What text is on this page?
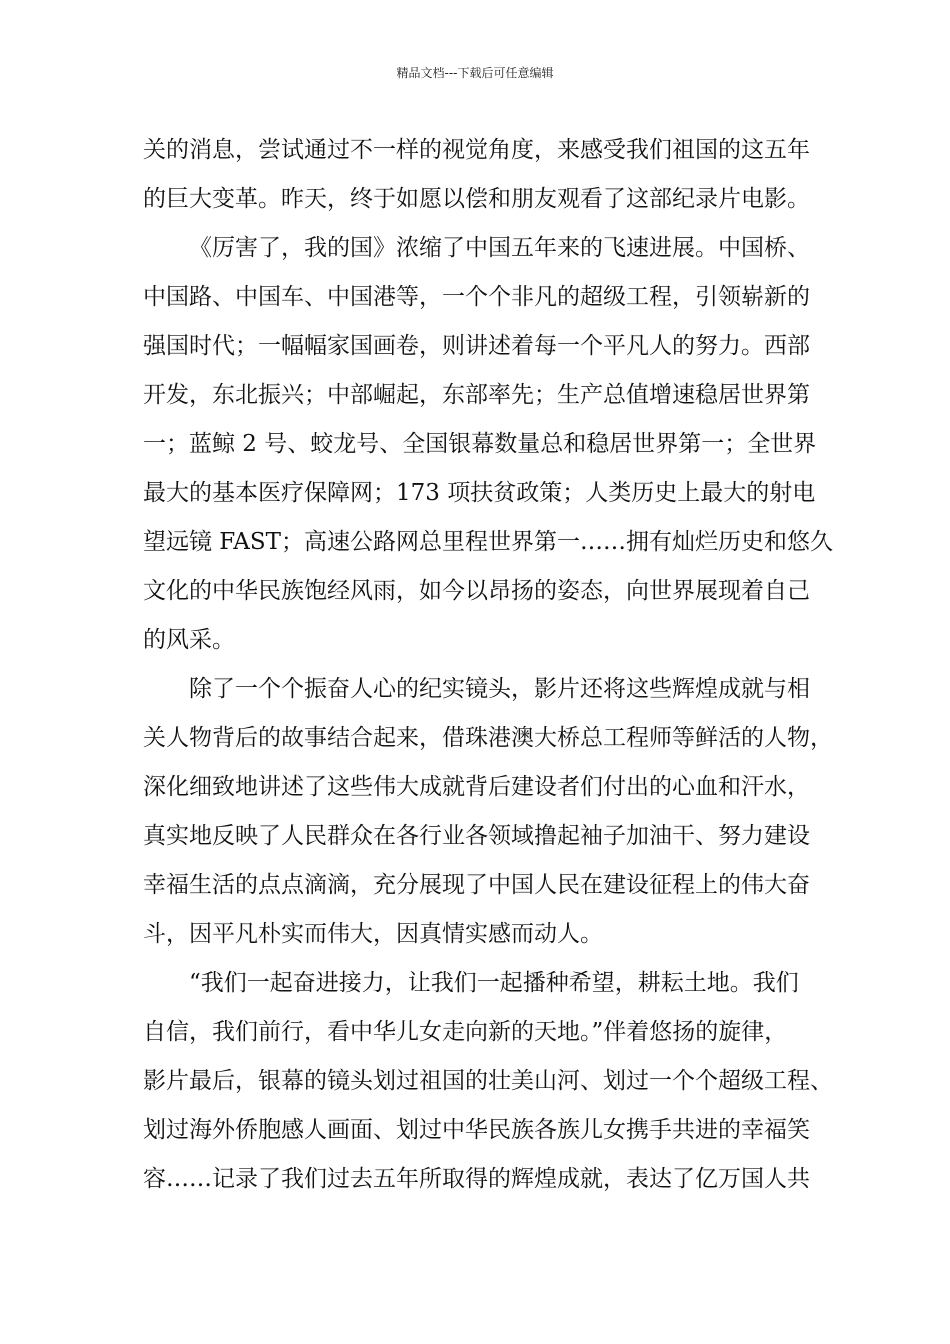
精品文档---下载后可任意编辑
关的消息，尝试通过不一样的视觉角度，来感受我们祖国的这五年
的巨大变革。昨天，终于如愿以偿和朋友观看了这部纪录片电影。
《厉害了，我的国》浓缩了中国五年来的飞速进展。中国桥、
中国路、中国车、中国港等，一个个非凡的超级工程，引领崭新的
强国时代；一幅幅家国画卷，则讲述着每一个平凡人的努力。西部
开发，东北振兴；中部崛起，东部率先；生产总值增速稳居世界第
一；蓝鲸 2 号、蛟龙号、全国银幕数量总和稳居世界第一；全世界
最大的基本医疗保障网；173 项扶贫政策；人类历史上最大的射电
望远镜 FAST；高速公路网总里程世界第一……拥有灿烂历史和悠久
文化的中华民族饱经风雨，如今以昂扬的姿态，向世界展现着自己
的风采。
除了一个个振奋人心的纪实镜头，影片还将这些辉煌成就与相
关人物背后的故事结合起来，借珠港澳大桥总工程师等鲜活的人物，
深化细致地讲述了这些伟大成就背后建设者们付出的心血和汗水，
真实地反映了人民群众在各行业各领域撸起袖子加油干、努力建设
幸福生活的点点滴滴，充分展现了中国人民在建设征程上的伟大奋
斗，因平凡朴实而伟大，因真情实感而动人。
“我们一起奋进接力，让我们一起播种希望，耕耘土地。我们
自信，我们前行，看中华儿女走向新的天地。”伴着悠扬的旋律，
影片最后，银幕的镜头划过祖国的壮美山河、划过一个个超级工程、
划过海外侨胞感人画面、划过中华民族各族儿女携手共进的幸福笑
容……记录了我们过去五年所取得的辉煌成就，表达了亿万国人共
